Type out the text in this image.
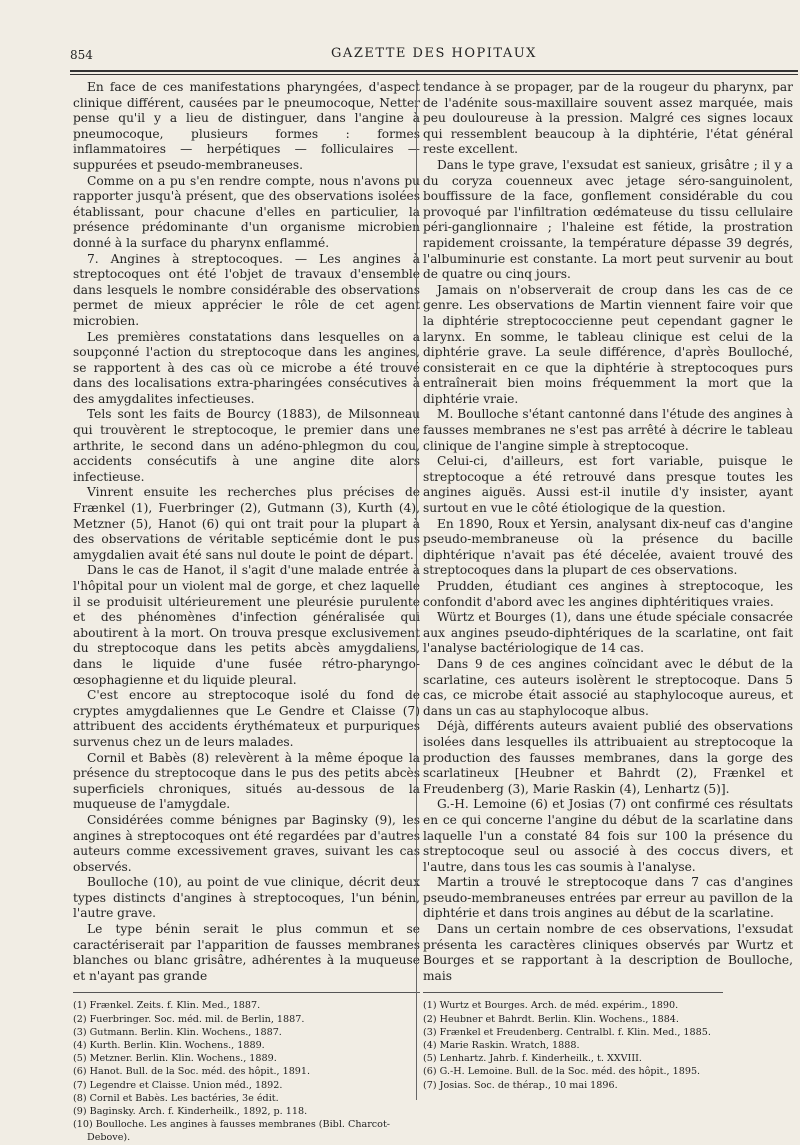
854	GAZETTE DES HOPITAUX

En face de ces manifestations pharyngées, d'aspect clinique différent, causées par le pneumocoque, Netter pense qu'il y a lieu de distinguer, dans l'angine à pneumocoque, plusieurs formes : formes inflammatoires — herpétiques — folliculaires — suppurées et pseudo-membraneuses.

Comme on a pu s'en rendre compte, nous n'avons pu rapporter jusqu'à présent, que des observations isolées établissant, pour chacune d'elles en particulier, la présence prédominante d'un organisme microbien donné à la surface du pharynx enflammé.

7. Angines à streptocoques. — Les angines à streptocoques ont été l'objet de travaux d'ensemble dans lesquels le nombre considérable des observations permet de mieux apprécier le rôle de cet agent microbien.

Les premières constatations dans lesquelles on a soupçonné l'action du streptocoque dans les angines, se rapportent à des cas où ce microbe a été trouvé dans des localisations extra-pharingées consécutives à des amygdalites infectieuses.

Tels sont les faits de Bourcy (1883), de Milsonneau qui trouvèrent le streptocoque, le premier dans une arthrite, le second dans un adéno-phlegmon du cou, accidents consécutifs à une angine dite alors infectieuse.

Vinrent ensuite les recherches plus précises de Frænkel (1), Fuerbringer (2), Gutmann (3), Kurth (4), Metzner (5), Hanot (6) qui ont trait pour la plupart à des observations de véritable septicémie dont le pus amygdalien avait été sans nul doute le point de départ.

Dans le cas de Hanot, il s'agit d'une malade entrée à l'hôpital pour un violent mal de gorge, et chez laquelle il se produisit ultérieurement une pleurésie purulente et des phénomènes d'infection généralisée qui aboutirent à la mort. On trouva presque exclusivement du streptocoque dans les petits abcès amygdaliens, dans le liquide d'une fusée rétro-pharyngo-œsophagienne et du liquide pleural.

C'est encore au streptocoque isolé du fond de cryptes amygdaliennes que Le Gendre et Claisse (7) attribuent des accidents érythémateux et purpuriques survenus chez un de leurs malades.

Cornil et Babès (8) relevèrent à la même époque la présence du streptocoque dans le pus des petits abcès superficiels chroniques, situés au-dessous de la muqueuse de l'amygdale.

Considérées comme bénignes par Baginsky (9), les angines à streptocoques ont été regardées par d'autres auteurs comme excessivement graves, suivant les cas observés.

Boulloche (10), au point de vue clinique, décrit deux types distincts d'angines à streptocoques, l'un bénin, l'autre grave.

Le type bénin serait le plus commun et se caractériserait par l'apparition de fausses membranes blanches ou blanc grisâtre, adhérentes à la muqueuse et n'ayant pas grande

(1) Frænkel. Zeits. f. Klin. Med., 1887.
(2) Fuerbringer. Soc. méd. mil. de Berlin, 1887.
(3) Gutmann. Berlin. Klin. Wochens., 1887.
(4) Kurth. Berlin. Klin. Wochens., 1889.
(5) Metzner. Berlin. Klin. Wochens., 1889.
(6) Hanot. Bull. de la Soc. méd. des hôpit., 1891.
(7) Legendre et Claisse. Union méd., 1892.
(8) Cornil et Babès. Les bactéries, 3e édit.
(9) Baginsky. Arch. f. Kinderheilk., 1892, p. 118.
(10) Boulloche. Les angines à fausses membranes (Bibl. Charcot-Debove).

tendance à se propager, par de la rougeur du pharynx, par de l'adénite sous-maxillaire souvent assez marquée, mais peu douloureuse à la pression. Malgré ces signes locaux qui ressemblent beaucoup à la diphtérie, l'état général reste excellent.

Dans le type grave, l'exsudat est sanieux, grisâtre ; il y a du coryza couenneux avec jetage séro-sanguinolent, bouffissure de la face, gonflement considérable du cou provoqué par l'infiltration œdémateuse du tissu cellulaire péri-ganglionnaire ; l'haleine est fétide, la prostration rapidement croissante, la température dépasse 39 degrés, l'albuminurie est constante. La mort peut survenir au bout de quatre ou cinq jours.

Jamais on n'observerait de croup dans les cas de ce genre. Les observations de Martin viennent faire voir que la diphtérie streptococcienne peut cependant gagner le larynx. En somme, le tableau clinique est celui de la diphtérie grave. La seule différence, d'après Boulloché, consisterait en ce que la diphtérie à streptocoques purs entraînerait bien moins fréquemment la mort que la diphtérie vraie.

M. Boulloche s'étant cantonné dans l'étude des angines à fausses membranes ne s'est pas arrêté à décrire le tableau clinique de l'angine simple à streptocoque.

Celui-ci, d'ailleurs, est fort variable, puisque le streptocoque a été retrouvé dans presque toutes les angines aiguës. Aussi est-il inutile d'y insister, ayant surtout en vue le côté étiologique de la question.

En 1890, Roux et Yersin, analysant dix-neuf cas d'angine pseudo-membraneuse où la présence du bacille diphtérique n'avait pas été décelée, avaient trouvé des streptocoques dans la plupart de ces observations.

Prudden, étudiant ces angines à streptocoque, les confondit d'abord avec les angines diphtéritiques vraies.

Würtz et Bourges (1), dans une étude spéciale consacrée aux angines pseudo-diphtériques de la scarlatine, ont fait l'analyse bactériologique de 14 cas.

Dans 9 de ces angines coïncidant avec le début de la scarlatine, ces auteurs isolèrent le streptocoque. Dans 5 cas, ce microbe était associé au staphylocoque aureus, et dans un cas au staphylocoque albus.

Déjà, différents auteurs avaient publié des observations isolées dans lesquelles ils attribuaient au streptocoque la production des fausses membranes, dans la gorge des scarlatineux [Heubner et Bahrdt (2), Frænkel et Freudenberg (3), Marie Raskin (4), Lenhartz (5)].

G.-H. Lemoine (6) et Josias (7) ont confirmé ces résultats en ce qui concerne l'angine du début de la scarlatine dans laquelle l'un a constaté 84 fois sur 100 la présence du streptocoque seul ou associé à des coccus divers, et l'autre, dans tous les cas soumis à l'analyse.

Martin a trouvé le streptocoque dans 7 cas d'angines pseudo-membraneuses entrées par erreur au pavillon de la diphtérie et dans trois angines au début de la scarlatine.

Dans un certain nombre de ces observations, l'exsudat présenta les caractères cliniques observés par Wurtz et Bourges et se rapportant à la description de Boulloche, mais

(1) Wurtz et Bourges. Arch. de méd. expérim., 1890.
(2) Heubner et Bahrdt. Berlin. Klin. Wochens., 1884.
(3) Frænkel et Freudenberg. Centralbl. f. Klin. Med., 1885.
(4) Marie Raskin. Wratch, 1888.
(5) Lenhartz. Jahrb. f. Kinderheilk., t. XXVIII.
(6) G.-H. Lemoine. Bull. de la Soc. méd. des hôpit., 1895.
(7) Josias. Soc. de thérap., 10 mai 1896.
